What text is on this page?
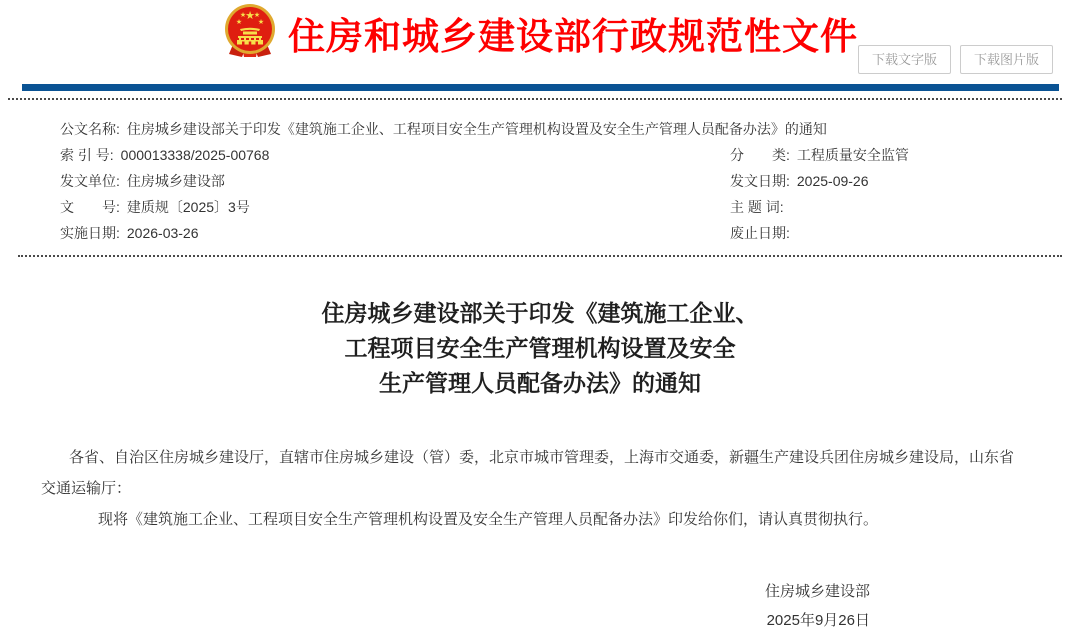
★
★
★ ★
★ 住房和城乡建设部行政规范性文件
下载文字版	下载图片版
公文名称: 住房城乡建设部关于印发《建筑施工企业、工程项目安全生产管理机构设置及安全生产管理人员配备办法》的通知
索 引 号: 000013338/2025-00768	分　　类: 工程质量安全监管
发文单位: 住房城乡建设部	发文日期: 2025-09-26
文　　号: 建质规〔2025〕3号	主 题 词:
实施日期: 2026-03-26	废止日期:
住房城乡建设部关于印发《建筑施工企业、
工程项目安全生产管理机构设置及安全
生产管理人员配备办法》的通知

各省、自治区住房城乡建设厅，直辖市住房城乡建设（管）委，北京市城市管理委，上海市交通委，新疆生产建设兵团住房城乡建设局，山东省交通运输厅：

现将《建筑施工企业、工程项目安全生产管理机构设置及安全生产管理人员配备办法》印发给你们，请认真贯彻执行。

住房城乡建设部
2025年9月26日
